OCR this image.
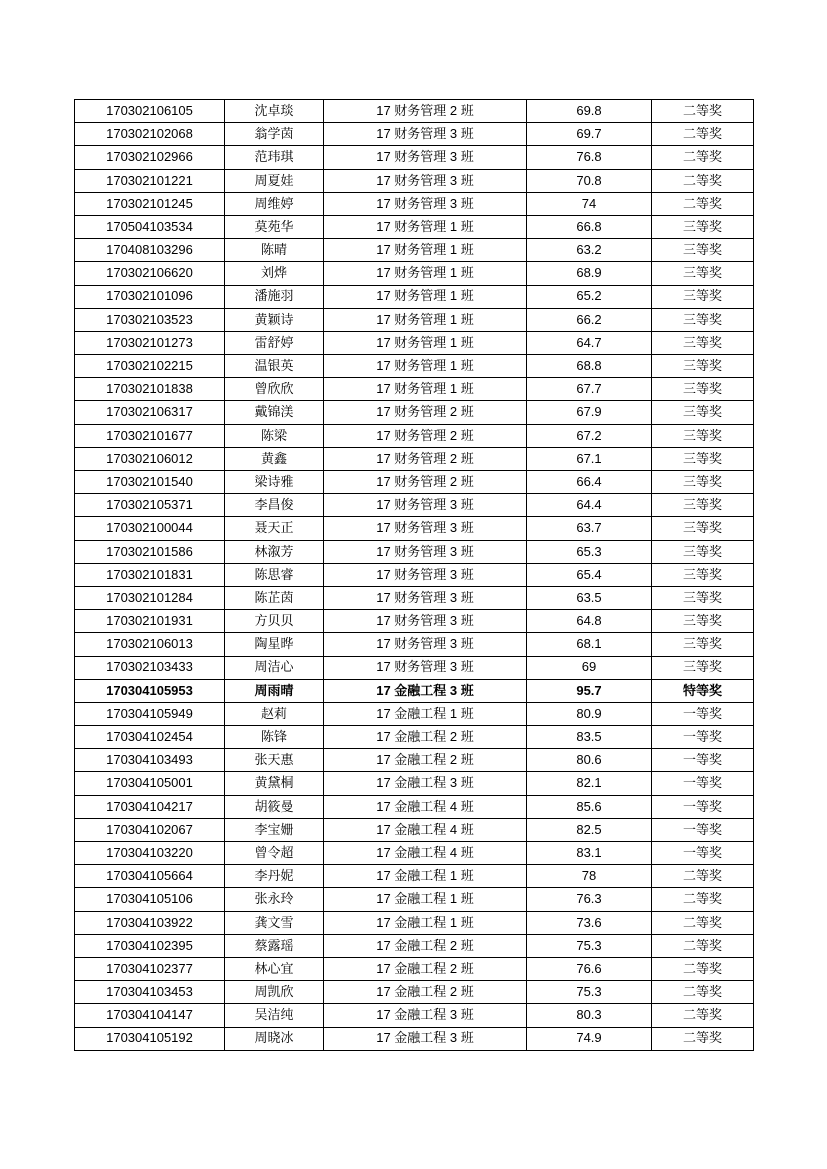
170302106105	沈卓琰	17 财务管理 2 班	69.8	二等奖
170302102068	翁学茵	17 财务管理 3 班	69.7	二等奖
170302102966	范玮琪	17 财务管理 3 班	76.8	二等奖
170302101221	周夏娃	17 财务管理 3 班	70.8	二等奖
170302101245	周维婷	17 财务管理 3 班	74	二等奖
170504103534	莫苑华	17 财务管理 1 班	66.8	三等奖
170408103296	陈晴	17 财务管理 1 班	63.2	三等奖
170302106620	刘烨	17 财务管理 1 班	68.9	三等奖
170302101096	潘施羽	17 财务管理 1 班	65.2	三等奖
170302103523	黄颖诗	17 财务管理 1 班	66.2	三等奖
170302101273	雷舒婷	17 财务管理 1 班	64.7	三等奖
170302102215	温银英	17 财务管理 1 班	68.8	三等奖
170302101838	曾欣欣	17 财务管理 1 班	67.7	三等奖
170302106317	戴锦渼	17 财务管理 2 班	67.9	三等奖
170302101677	陈梁	17 财务管理 2 班	67.2	三等奖
170302106012	黄鑫	17 财务管理 2 班	67.1	三等奖
170302101540	梁诗雅	17 财务管理 2 班	66.4	三等奖
170302105371	李昌俊	17 财务管理 3 班	64.4	三等奖
170302100044	聂天正	17 财务管理 3 班	63.7	三等奖
170302101586	林溆芳	17 财务管理 3 班	65.3	三等奖
170302101831	陈思睿	17 财务管理 3 班	65.4	三等奖
170302101284	陈芷茵	17 财务管理 3 班	63.5	三等奖
170302101931	方贝贝	17 财务管理 3 班	64.8	三等奖
170302106013	陶星晔	17 财务管理 3 班	68.1	三等奖
170302103433	周洁心	17 财务管理 3 班	69	三等奖
170304105953	周雨晴	17 金融工程 3 班	95.7	特等奖
170304105949	赵莉	17 金融工程 1 班	80.9	一等奖
170304102454	陈锋	17 金融工程 2 班	83.5	一等奖
170304103493	张天惠	17 金融工程 2 班	80.6	一等奖
170304105001	黄黛桐	17 金融工程 3 班	82.1	一等奖
170304104217	胡筱曼	17 金融工程 4 班	85.6	一等奖
170304102067	李宝姗	17 金融工程 4 班	82.5	一等奖
170304103220	曾令超	17 金融工程 4 班	83.1	一等奖
170304105664	李丹妮	17 金融工程 1 班	78	二等奖
170304105106	张永玲	17 金融工程 1 班	76.3	二等奖
170304103922	龚文雪	17 金融工程 1 班	73.6	二等奖
170304102395	蔡露瑶	17 金融工程 2 班	75.3	二等奖
170304102377	林心宜	17 金融工程 2 班	76.6	二等奖
170304103453	周凯欣	17 金融工程 2 班	75.3	二等奖
170304104147	吴洁纯	17 金融工程 3 班	80.3	二等奖
170304105192	周晓冰	17 金融工程 3 班	74.9	二等奖
